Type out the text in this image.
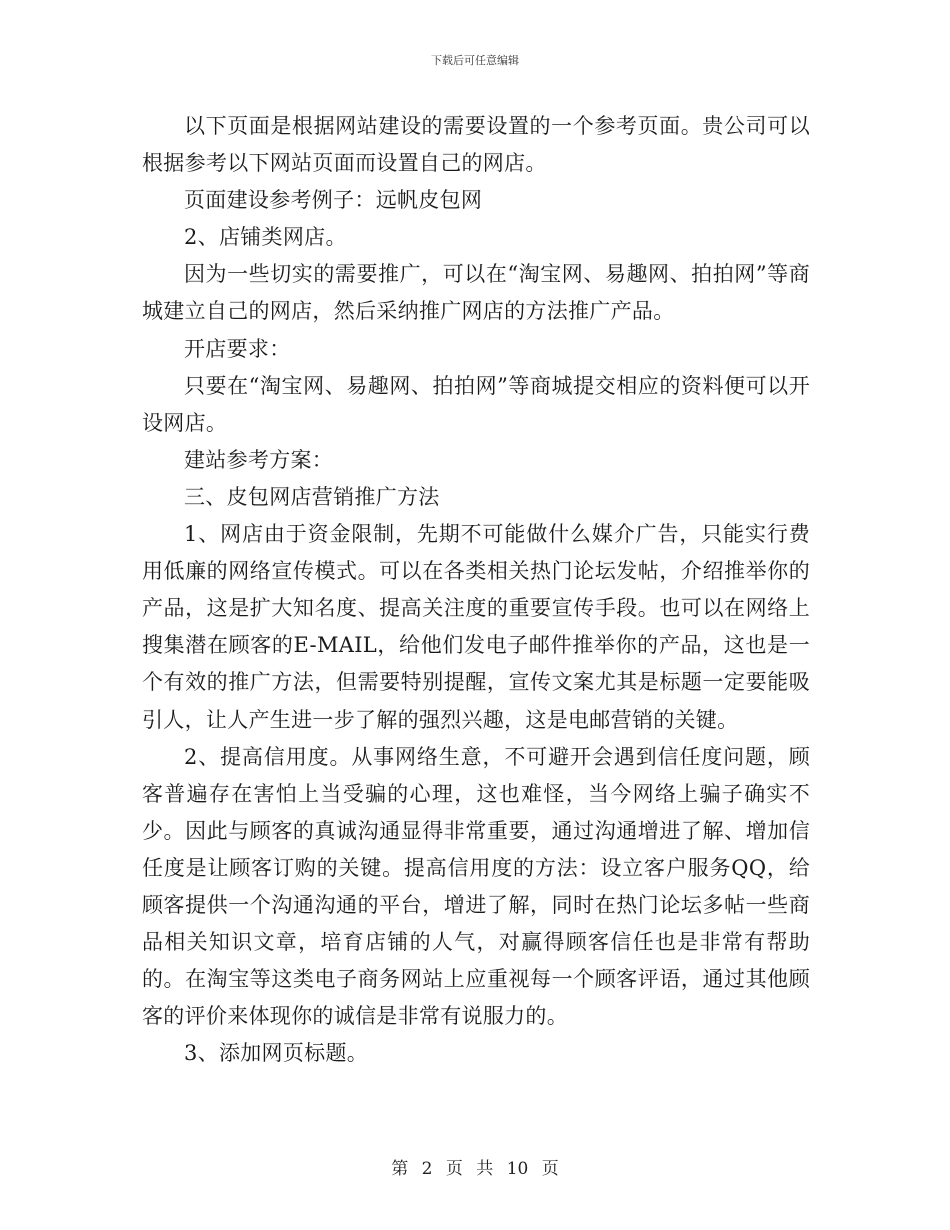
下载后可任意编辑

以下页面是根据网站建设的需要设置的一个参考页面。贵公司可以根据参考以下网站页面而设置自己的网店。

页面建设参考例子：远帆皮包网

2、店铺类网店。

因为一些切实的需要推广，可以在“淘宝网、易趣网、拍拍网”等商城建立自己的网店，然后采纳推广网店的方法推广产品。

开店要求：

只要在“淘宝网、易趣网、拍拍网”等商城提交相应的资料便可以开设网店。

建站参考方案：

三、皮包网店营销推广方法

1、网店由于资金限制，先期不可能做什么媒介广告，只能实行费用低廉的网络宣传模式。可以在各类相关热门论坛发帖，介绍推举你的产品，这是扩大知名度、提高关注度的重要宣传手段。也可以在网络上搜集潜在顾客的E-MAIL，给他们发电子邮件推举你的产品，这也是一个有效的推广方法，但需要特别提醒，宣传文案尤其是标题一定要能吸引人，让人产生进一步了解的强烈兴趣，这是电邮营销的关键。

2、提高信用度。从事网络生意，不可避开会遇到信任度问题，顾客普遍存在害怕上当受骗的心理，这也难怪，当今网络上骗子确实不少。因此与顾客的真诚沟通显得非常重要，通过沟通增进了解、增加信任度是让顾客订购的关键。提高信用度的方法：设立客户服务QQ，给顾客提供一个沟通沟通的平台，增进了解，同时在热门论坛多帖一些商品相关知识文章，培育店铺的人气，对赢得顾客信任也是非常有帮助的。在淘宝等这类电子商务网站上应重视每一个顾客评语，通过其他顾客的评价来体现你的诚信是非常有说服力的。

3、添加网页标题。

第 2 页 共 10 页
